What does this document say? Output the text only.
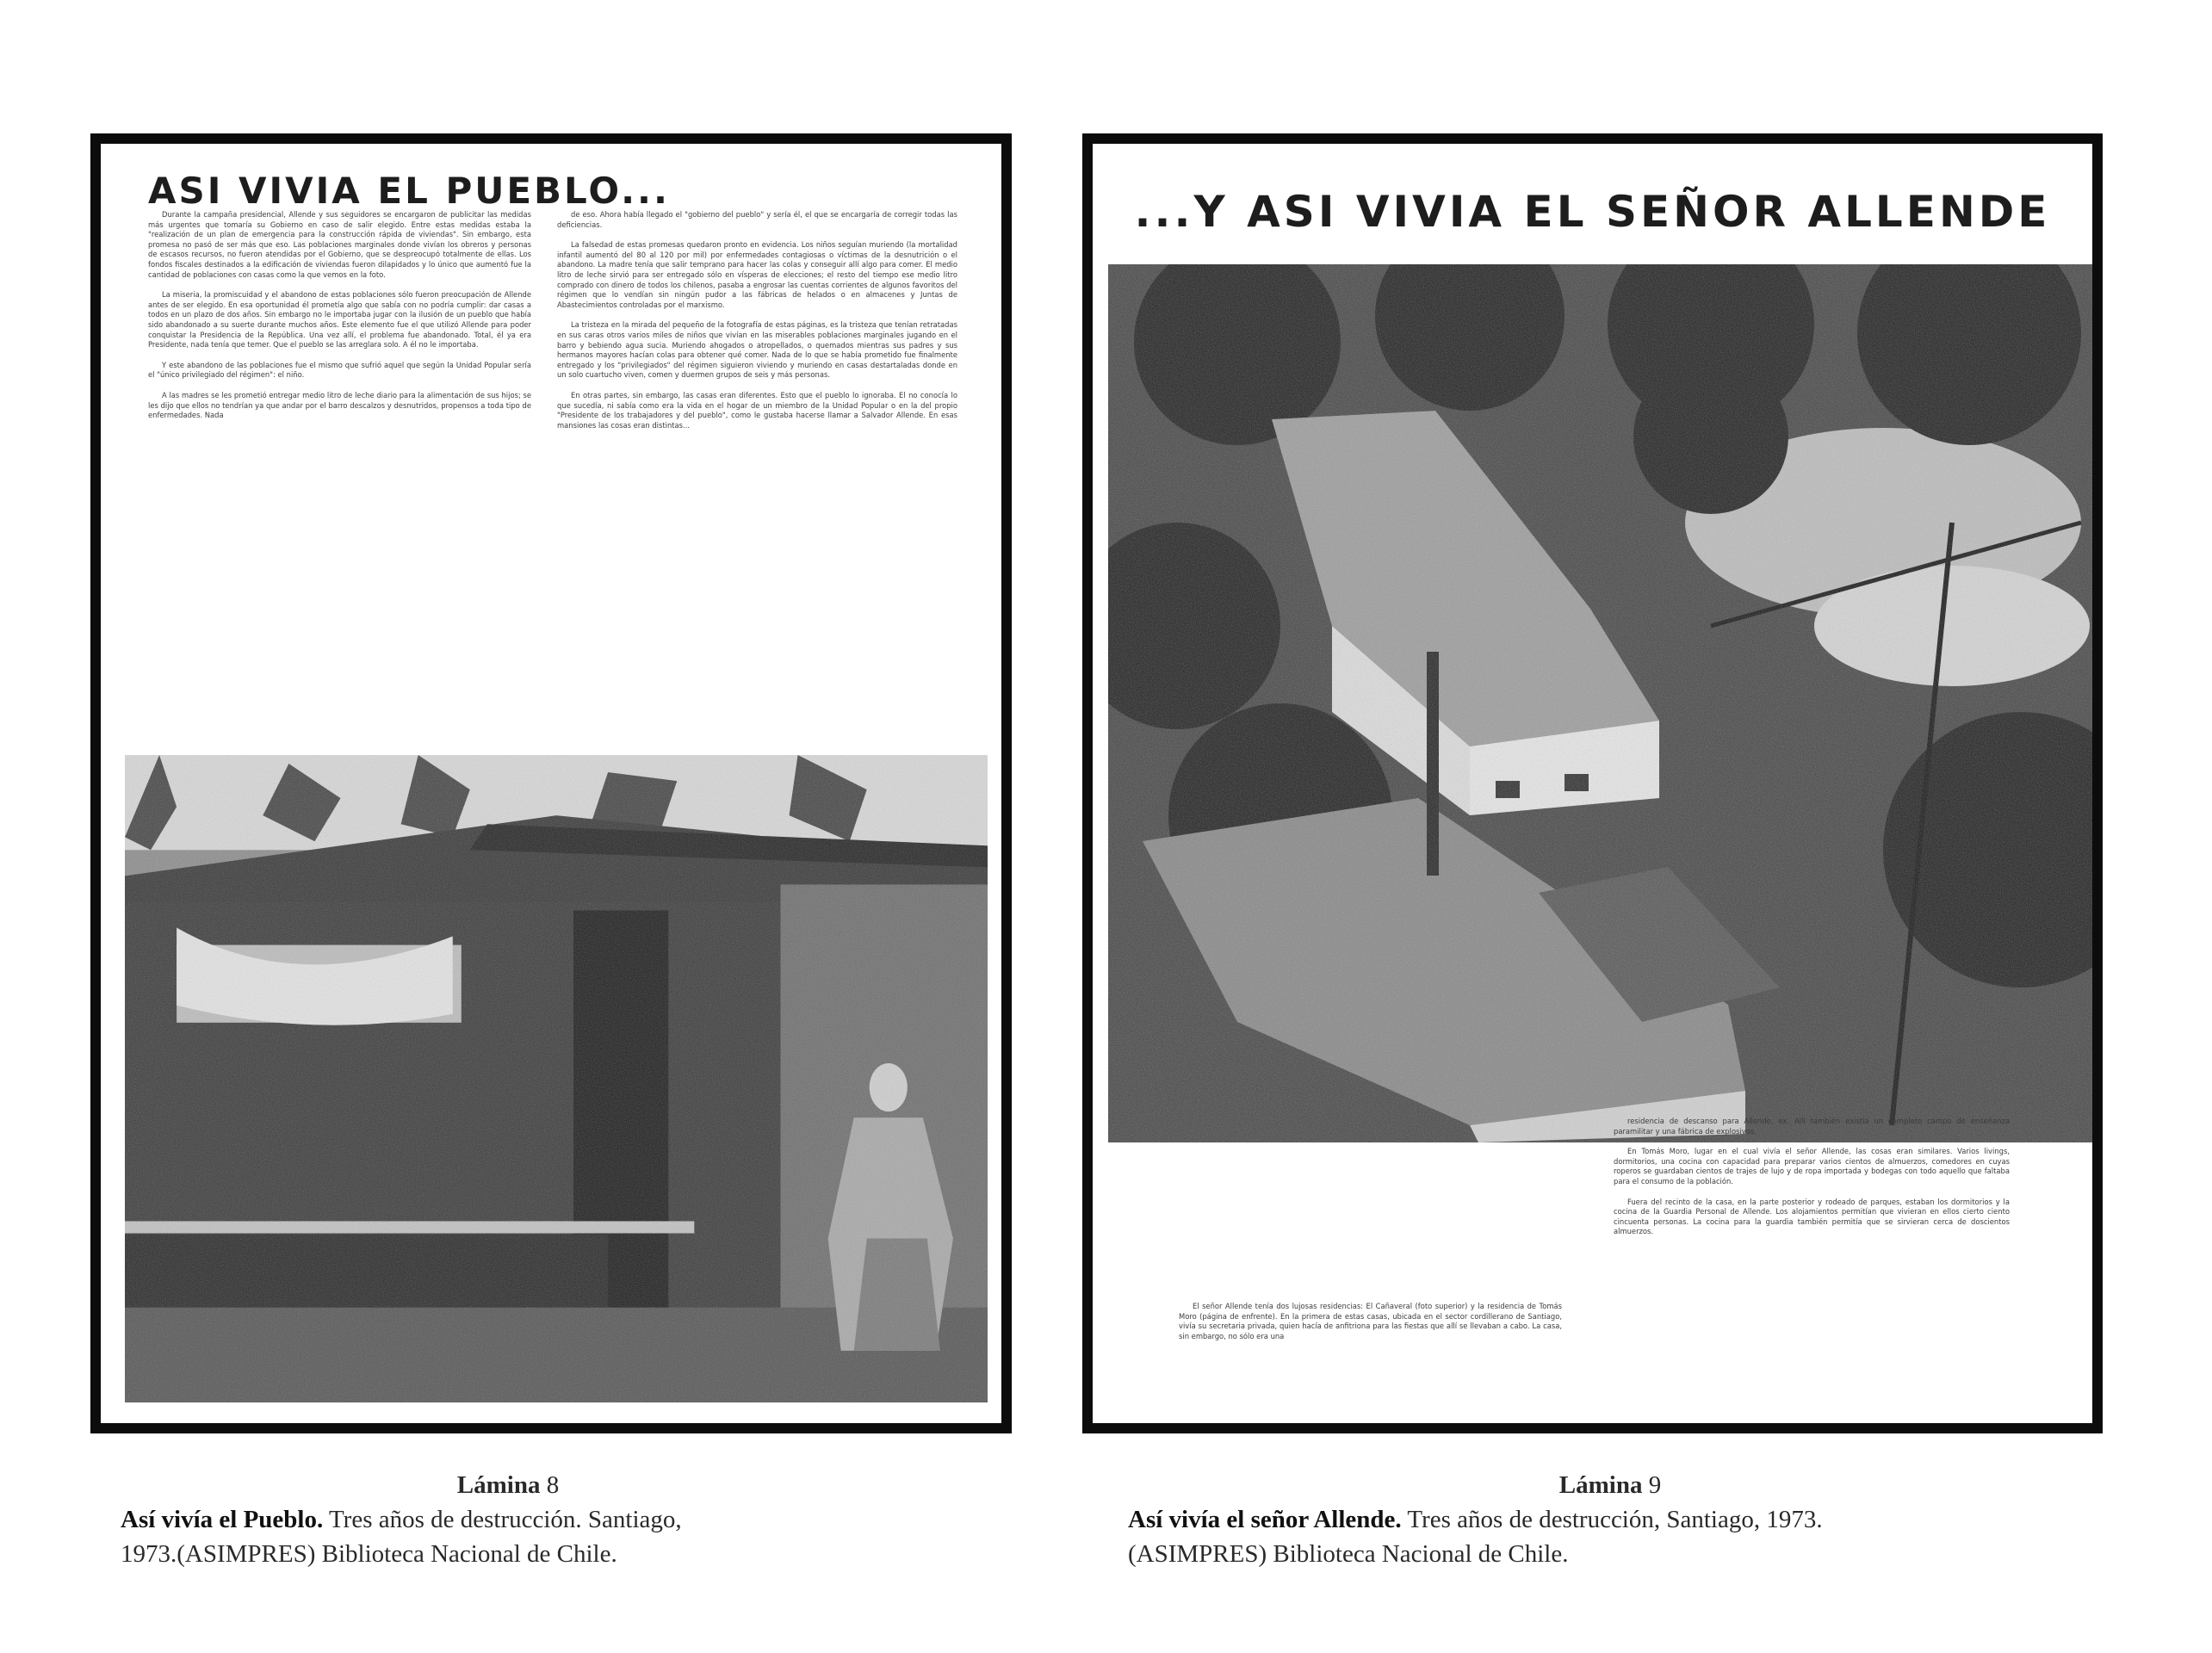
ASI VIVIA EL PUEBLO...

Durante la campaña presidencial, Allende y sus seguidores se encargaron de publicitar las medidas más urgentes que tomaría su Gobierno en caso de salir elegido. Entre estas medidas estaba la "realización de un plan de emergencia para la construcción rápida de viviendas". Sin embargo, esta promesa no pasó de ser más que eso. Las poblaciones marginales donde vivían los obreros y personas de escasos recursos, no fueron atendidas por el Gobierno, que se despreocupó totalmente de ellas. Los fondos fiscales destinados a la edificación de viviendas fueron dilapidados y lo único que aumentó fue la cantidad de poblaciones con casas como la que vemos en la foto.

La miseria, la promiscuidad y el abandono de estas poblaciones sólo fueron preocupación de Allende antes de ser elegido. En esa oportunidad él prometía algo que sabía con no podría cumplir: dar casas a todos en un plazo de dos años. Sin embargo no le importaba jugar con la ilusión de un pueblo que había sido abandonado a su suerte durante muchos años. Este elemento fue el que utilizó Allende para poder conquistar la Presidencia de la República. Una vez allí, el problema fue abandonado. Total, él ya era Presidente, nada tenía que temer. Que el pueblo se las arreglara solo. A él no le importaba.

Y este abandono de las poblaciones fue el mismo que sufrió aquel que según la Unidad Popular sería el "único privilegiado del régimen": el niño.

A las madres se les prometió entregar medio litro de leche diario para la alimentación de sus hijos; se les dijo que ellos no tendrían ya que andar por el barro descalzos y desnutridos, propensos a toda tipo de enfermedades. Nada

de eso. Ahora había llegado el "gobierno del pueblo" y sería él, el que se encargaría de corregir todas las deficiencias.

La falsedad de estas promesas quedaron pronto en evidencia. Los niños seguían muriendo (la mortalidad infantil aumentó del 80 al 120 por mil) por enfermedades contagiosas o víctimas de la desnutrición o el abandono. La madre tenía que salir temprano para hacer las colas y conseguir allí algo para comer. El medio litro de leche sirvió para ser entregado sólo en vísperas de elecciones; el resto del tiempo ese medio litro comprado con dinero de todos los chilenos, pasaba a engrosar las cuentas corrientes de algunos favoritos del régimen que lo vendían sin ningún pudor a las fábricas de helados o en almacenes y Juntas de Abastecimientos controladas por el marxismo.

La tristeza en la mirada del pequeño de la fotografía de estas páginas, es la tristeza que tenían retratadas en sus caras otros varios miles de niños que vivían en las miserables poblaciones marginales jugando en el barro y bebiendo agua sucia. Muriendo ahogados o atropellados, o quemados mientras sus padres y sus hermanos mayores hacían colas para obtener qué comer. Nada de lo que se había prometido fue finalmente entregado y los "privilegiados" del régimen siguieron viviendo y muriendo en casas destartaladas donde en un solo cuartucho viven, comen y duermen grupos de seis y más personas.

En otras partes, sin embargo, las casas eran diferentes. Esto que el pueblo lo ignoraba. El no conocía lo que sucedía, ni sabía como era la vida en el hogar de un miembro de la Unidad Popular o en la del propio "Presidente de los trabajadores y del pueblo", como le gustaba hacerse llamar a Salvador Allende. En esas mansiones las cosas eran distintas...

...Y ASI VIVIA EL SEÑOR ALLENDE

El señor Allende tenía dos lujosas residencias: El Cañaveral (foto superior) y la residencia de Tomás Moro (página de enfrente). En la primera de estas casas, ubicada en el sector cordillerano de Santiago, vivía su secretaria privada, quien hacía de anfitriona para las fiestas que allí se llevaban a cabo. La casa, sin embargo, no sólo era una

residencia de descanso para Allende, ex. Allí también existía un completo campo de enseñanza paramilitar y una fábrica de explosivos.

En Tomás Moro, lugar en el cual vivía el señor Allende, las cosas eran similares. Varios livings, dormitorios, una cocina con capacidad para preparar varios cientos de almuerzos, comedores en cuyas roperos se guardaban cientos de trajes de lujo y de ropa importada y bodegas con todo aquello que faltaba para el consumo de la población.

Fuera del recinto de la casa, en la parte posterior y rodeado de parques, estaban los dormitorios y la cocina de la Guardia Personal de Allende. Los alojamientos permitían que vivieran en ellos cierto ciento cincuenta personas. La cocina para la guardia también permitía que se sirvieran cerca de doscientos almuerzos.

Lámina 8
Así vivía el Pueblo. Tres años de destrucción. Santiago,
1973.(ASIMPRES) Biblioteca Nacional de Chile.
Lámina 9
Así vivía el señor Allende. Tres años de destrucción, Santiago, 1973.
(ASIMPRES) Biblioteca Nacional de Chile.
